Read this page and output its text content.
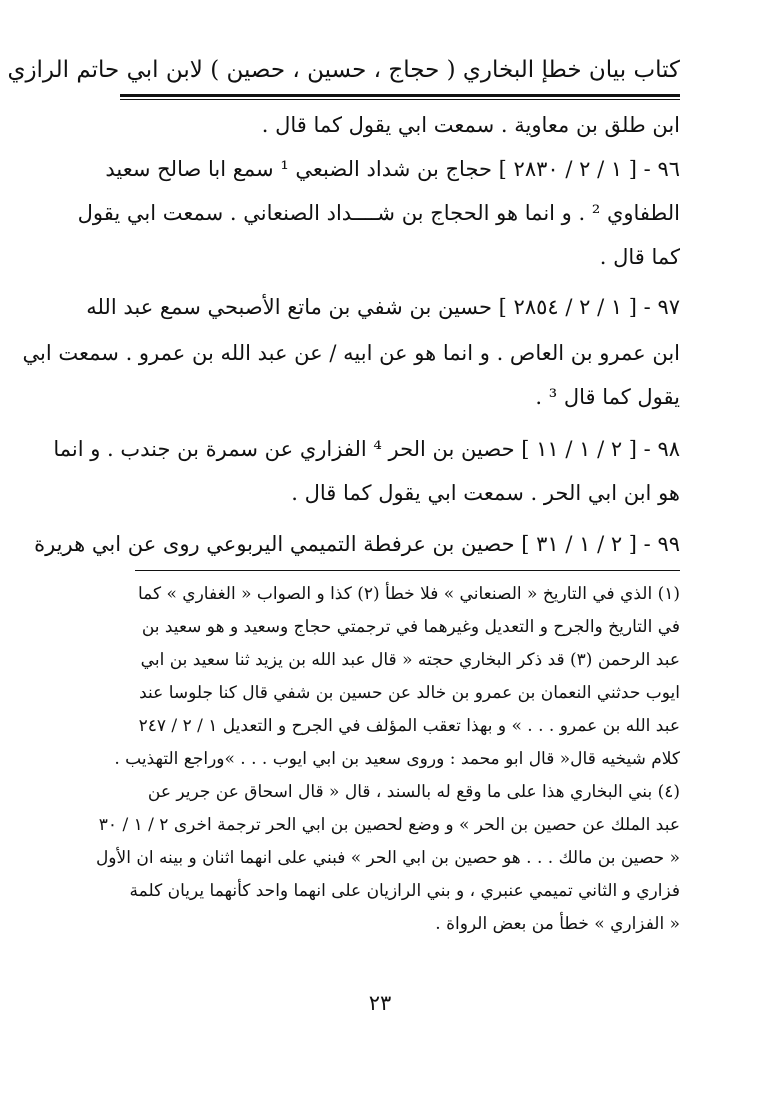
كتاب بيان خطإ البخاري ( حجاج ، حسين ، حصين ) لابن ابي حاتم الرازي
ابن طلق بن معاوية . سمعت ابي يقول كما قال .
٩٦ - [ ١ / ٢ / ٢٨٣٠ ] حجاج بن شداد الضبعي ¹ سمع ابا صالح سعيد
الطفاوي ² . و انما هو الحجاج بن شــــداد الصنعاني . سمعت ابي يقول
كما قال .
٩٧ - [ ١ / ٢ / ٢٨٥٤ ] حسين بن شفي بن ماتع الأصبحي سمع عبد الله
ابن عمرو بن العاص . و انما هو عن ابيه / عن عبد الله بن عمرو . سمعت ابي
يقول كما قال ³ .
٩٨ - [ ٢ / ١ / ١١ ] حصين بن الحر ⁴ الفزاري عن سمرة بن جندب . و انما
هو ابن ابي الحر . سمعت ابي يقول كما قال .
٩٩ - [ ٢ / ١ / ٣١ ] حصين بن عرفطة التميمي اليربوعي روى عن ابي هريرة
(١) الذي في التاريخ « الصنعاني » فلا خطأ (٢) كذا و الصواب « الغفاري » كما
في التاريخ والجرح و التعديل وغيرهما في ترجمتي حجاج وسعيد و هو سعيد بن
عبد الرحمن (٣) قد ذكر البخاري حجته « قال عبد الله بن يزيد ثنا سعيد بن ابي
ايوب حدثني النعمان بن عمرو بن خالد عن حسين بن شفي قال كنا جلوسا عند
عبد الله بن عمرو . . . » و بهذا تعقب المؤلف في الجرح و التعديل ١ / ٢ / ٢٤٧
كلام شيخيه قال« قال ابو محمد : وروى سعيد بن ابي ايوب . . . »وراجع التهذيب .
(٤) بني البخاري هذا على ما وقع له بالسند ، قال « قال اسحاق عن جرير عن
عبد الملك عن حصين بن الحر » و وضع لحصين بن ابي الحر ترجمة اخرى ٢ / ١ / ٣٠
« حصين بن مالك . . . هو حصين بن ابي الحر » فبني على انهما اثنان و بينه ان الأول
فزاري و الثاني تميمي عنبري ، و بني الرازيان على انهما واحد كأنهما يريان كلمة
« الفزاري » خطأ من بعض الرواة .
٢٣
